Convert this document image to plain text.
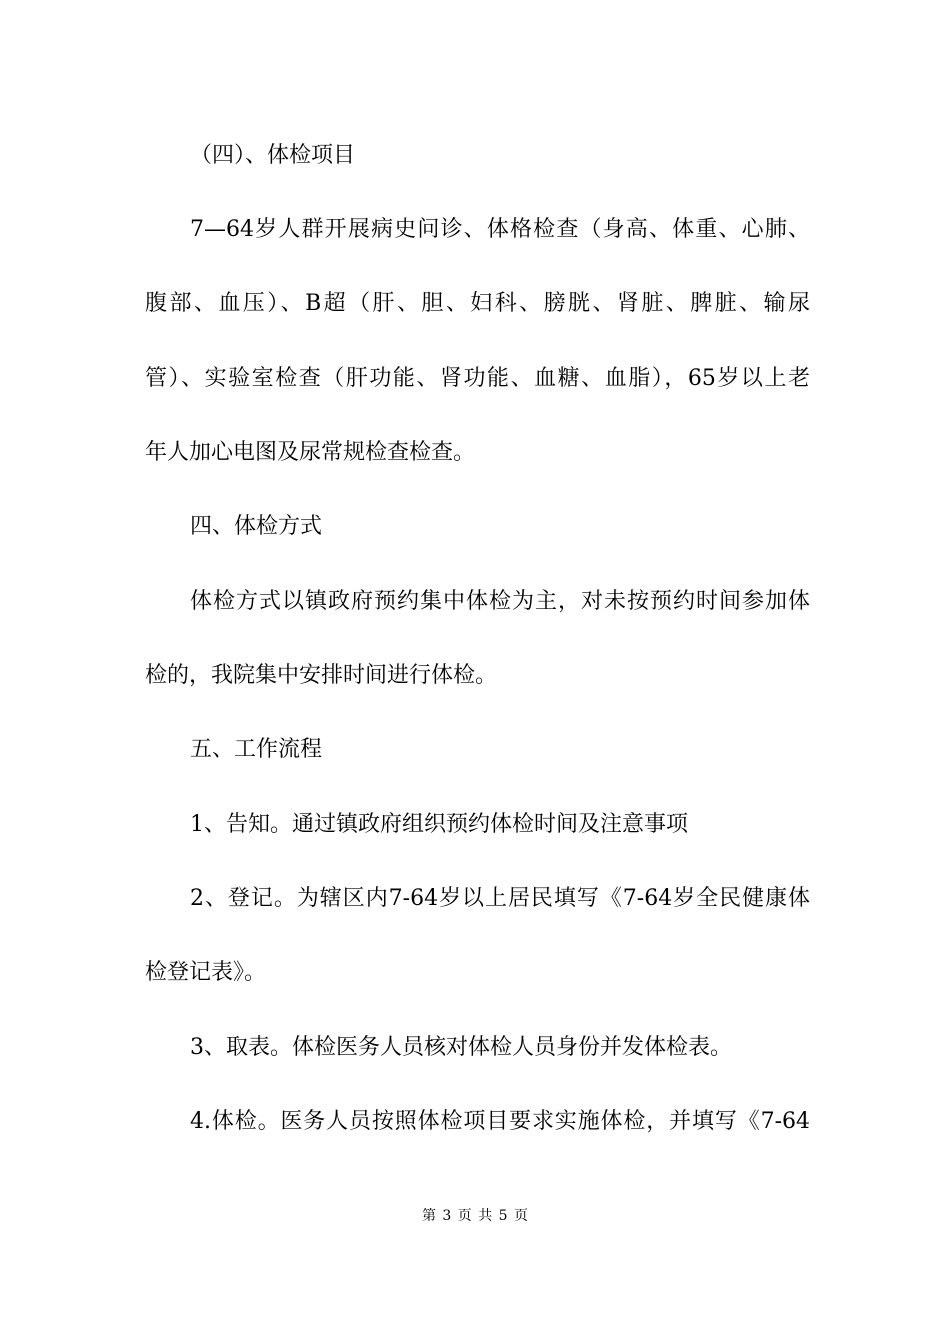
（四）、体检项目
7—64岁人群开展病史问诊、体格检查（身高、体重、心肺、
腹部、血压）、B超（肝、胆、妇科、膀胱、肾脏、脾脏、输尿
管）、实验室检查（肝功能、肾功能、血糖、血脂），65岁以上老
年人加心电图及尿常规检查检查。
四、体检方式
体检方式以镇政府预约集中体检为主，对未按预约时间参加体
检的，我院集中安排时间进行体检。
五、工作流程
1、告知。通过镇政府组织预约体检时间及注意事项
2、登记。为辖区内7-64岁以上居民填写《7-64岁全民健康体
检登记表》。
3、取表。体检医务人员核对体检人员身份并发体检表。
4.体检。医务人员按照体检项目要求实施体检，并填写《7-64
第 3 页 共 5 页
